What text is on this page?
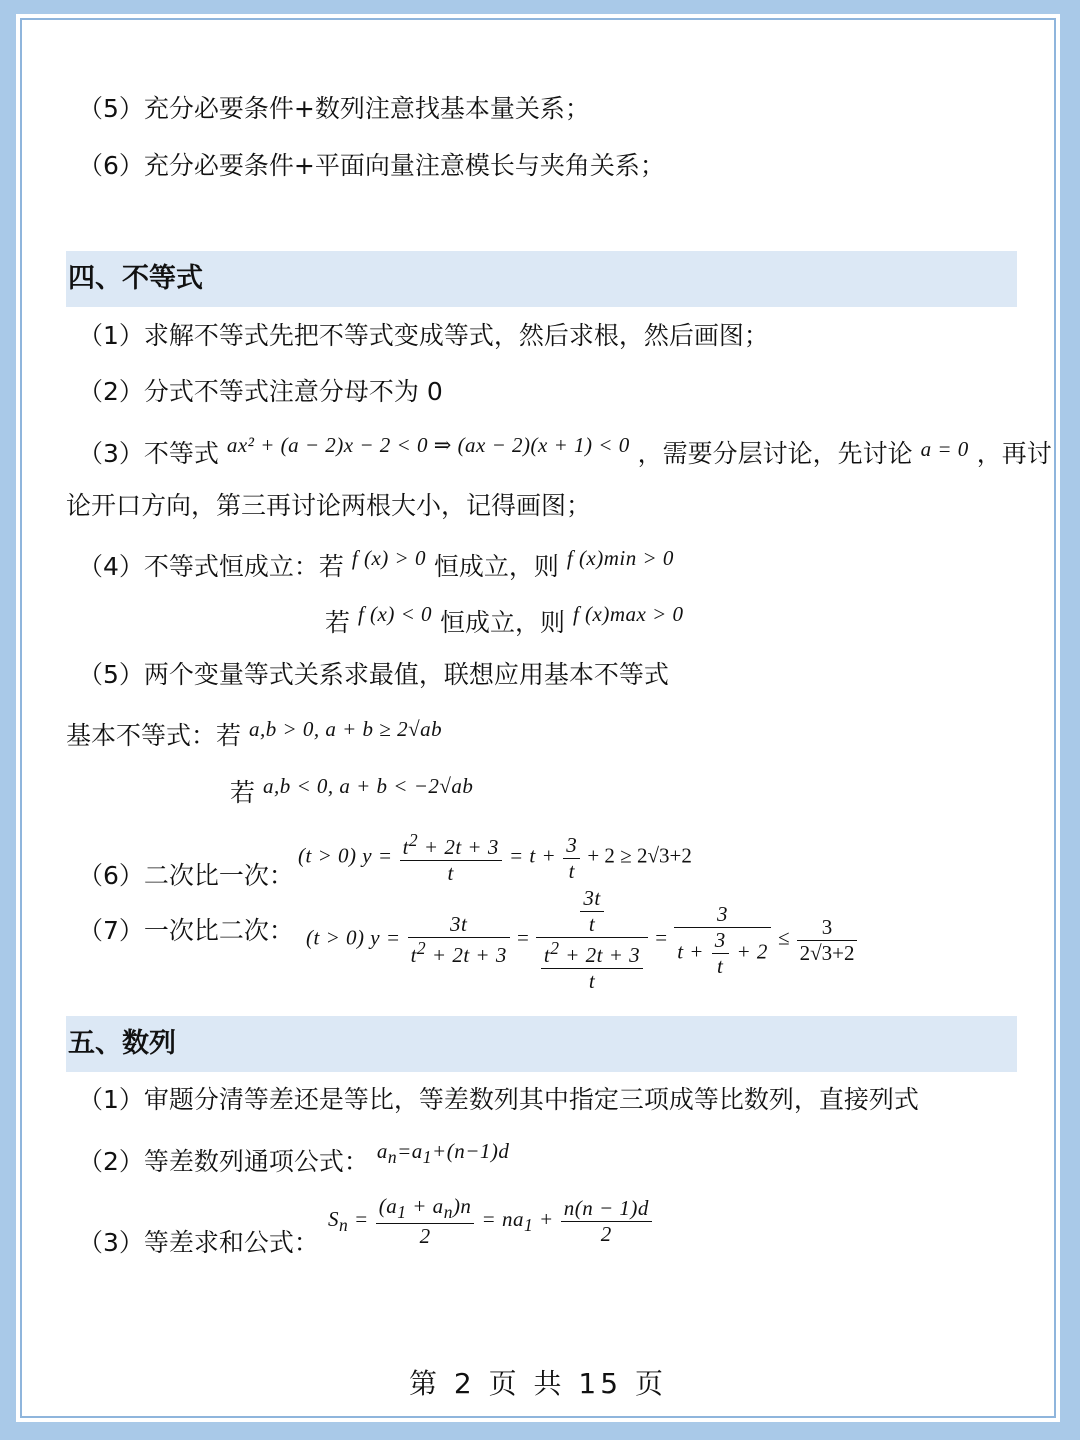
（5）充分必要条件+数列注意找基本量关系；
（6）充分必要条件+平面向量注意模长与夹角关系；
四、不等式
（1）求解不等式先把不等式变成等式，然后求根，然后画图；
（2）分式不等式注意分母不为 0
（3）不等式 $^{ax^2 + (a - 2)x - 2 < 0 \Rightarrow (ax - 2)(x + 1) < 0}$ ，需要分层讨论，先讨论 $^{a = 0}$ ，再讨
论开口方向，第三再讨论两根大小，记得画图；
（4）不等式恒成立：若 $^{f (x) > 0}$ 恒成立，则 $^{f (x)min > 0}$
若 $^{f (x) < 0}$ 恒成立，则 $^{f (x)max > 0}$
（5）两个变量等式关系求最值，联想应用基本不等式
基本不等式：若 $^{a,b > 0, a + b \ge 2√ab}$
若 $^{a,b < 0, a + b < -2√ab}$
（6）二次比一次：
(t > 0) $y = \frac{t^2 + 2t + 3}{t} = t + \frac{3}{t} + 2 \ge 2√3+2$
（7）一次比二次： (t > 0) $y = \frac{3t}{t^2 + 2t + 3} = \frac{\frac{3t}{t}}{\frac{t^2 + 2t + 3}{t}} = \frac{3}{t + \frac{3}{t} + 2} \le \frac{3}{2√3+2}$
五、数列
（1）审题分清等差还是等比，等差数列其中指定三项成等比数列，直接列式
（2）等差数列通项公式： $^{a_n=a_1+(n-1)d}$
（3）等差求和公式：
$S_n = \frac{(a_1 + a_n)n}{2} = na_1 + \frac{n(n - 1)d}{2}$
第 2 页 共 15 页
